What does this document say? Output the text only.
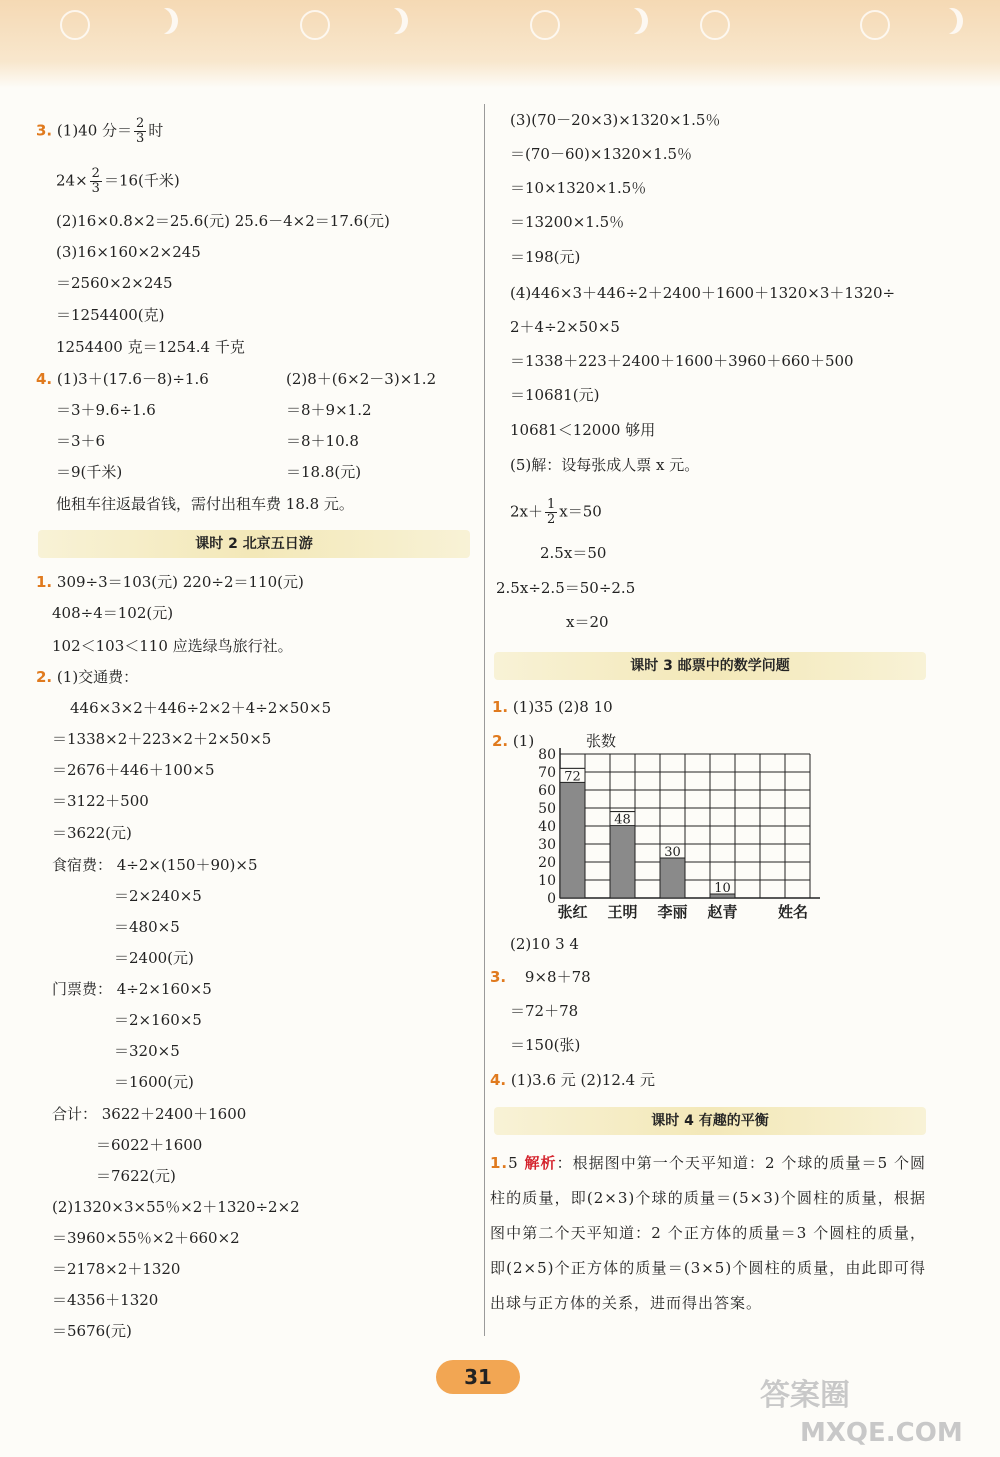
3. (1)40 分＝ $\frac{2}{3}$ 时
$24\times \frac{2}{3} =16$(千米)
(2)16×0.8×2＝25.6(元) 25.6－4×2＝17.6(元)
(3)16×160×2×245
＝2560×2×245
＝1254400(克)
1254400 克＝1254.4 千克
4. (1)3＋(17.6－8)÷1.6	(2)8＋(6×2－3)×1.2
＝3＋9.6÷1.6	＝8＋9×1.2
＝3＋6	＝8＋10.8
＝9(千米)	＝18.8(元)
他租车往返最省钱，需付出租车费 18.8 元。
课时 2 北京五日游
1. 309÷3＝103(元) 220÷2＝110(元)
408÷4＝102(元)
102＜103＜110 应选绿鸟旅行社。
2. (1)交通费：
446×3×2＋446÷2×2＋4÷2×50×5
＝1338×2＋223×2＋2×50×5
＝2676＋446＋100×5
＝3122＋500
＝3622(元)
食宿费： 4÷2×(150＋90)×5
＝2×240×5
＝480×5
＝2400(元)
门票费： 4÷2×160×5
＝2×160×5
＝320×5
＝1600(元)
合计： 3622＋2400＋1600
＝6022＋1600
＝7622(元)
(2)1320×3×55％×2＋1320÷2×2
＝3960×55％×2＋660×2
＝2178×2＋1320
＝4356＋1320
＝5676(元)
(3)(70－20×3)×1320×1.5％
＝(70－60)×1320×1.5％
＝10×1320×1.5％
＝13200×1.5％
＝198(元)
(4)446×3＋446÷2＋2400＋1600＋1320×3＋1320÷
2＋4÷2×50×5
＝1338＋223＋2400＋1600＋3960＋660＋500
＝10681(元)
10681＜12000 够用
(5)解：设每张成人票 x 元。
$2x+ \frac{1}{2} x=50$
2.5x＝50
2.5x÷2.5＝50÷2.5
x＝20
课时 3 邮票中的数学问题
1. (1)35 (2)8 10
2. (1)	张数
72
48
30
10
0
10
20
30
40
50
60
70
80
张红 王明 李丽 赵青	姓名
(2)10 3 4
3. 9×8＋78
＝72＋78
＝150(张)
4. (1)3.6 元 (2)12.4 元
课时 4 有趣的平衡
1.5 解析：根据图中第一个天平知道：2 个球的质量＝5 个圆柱的质量，即(2×3)个球的质量＝(5×3)个圆柱的质量，根据图中第二个天平知道：2 个正方体的质量＝3 个圆柱的质量，即(2×5)个正方体的质量＝(3×5)个圆柱的质量，由此即可得出球与正方体的关系，进而得出答案。
31
答案圈
MXQE.COM
